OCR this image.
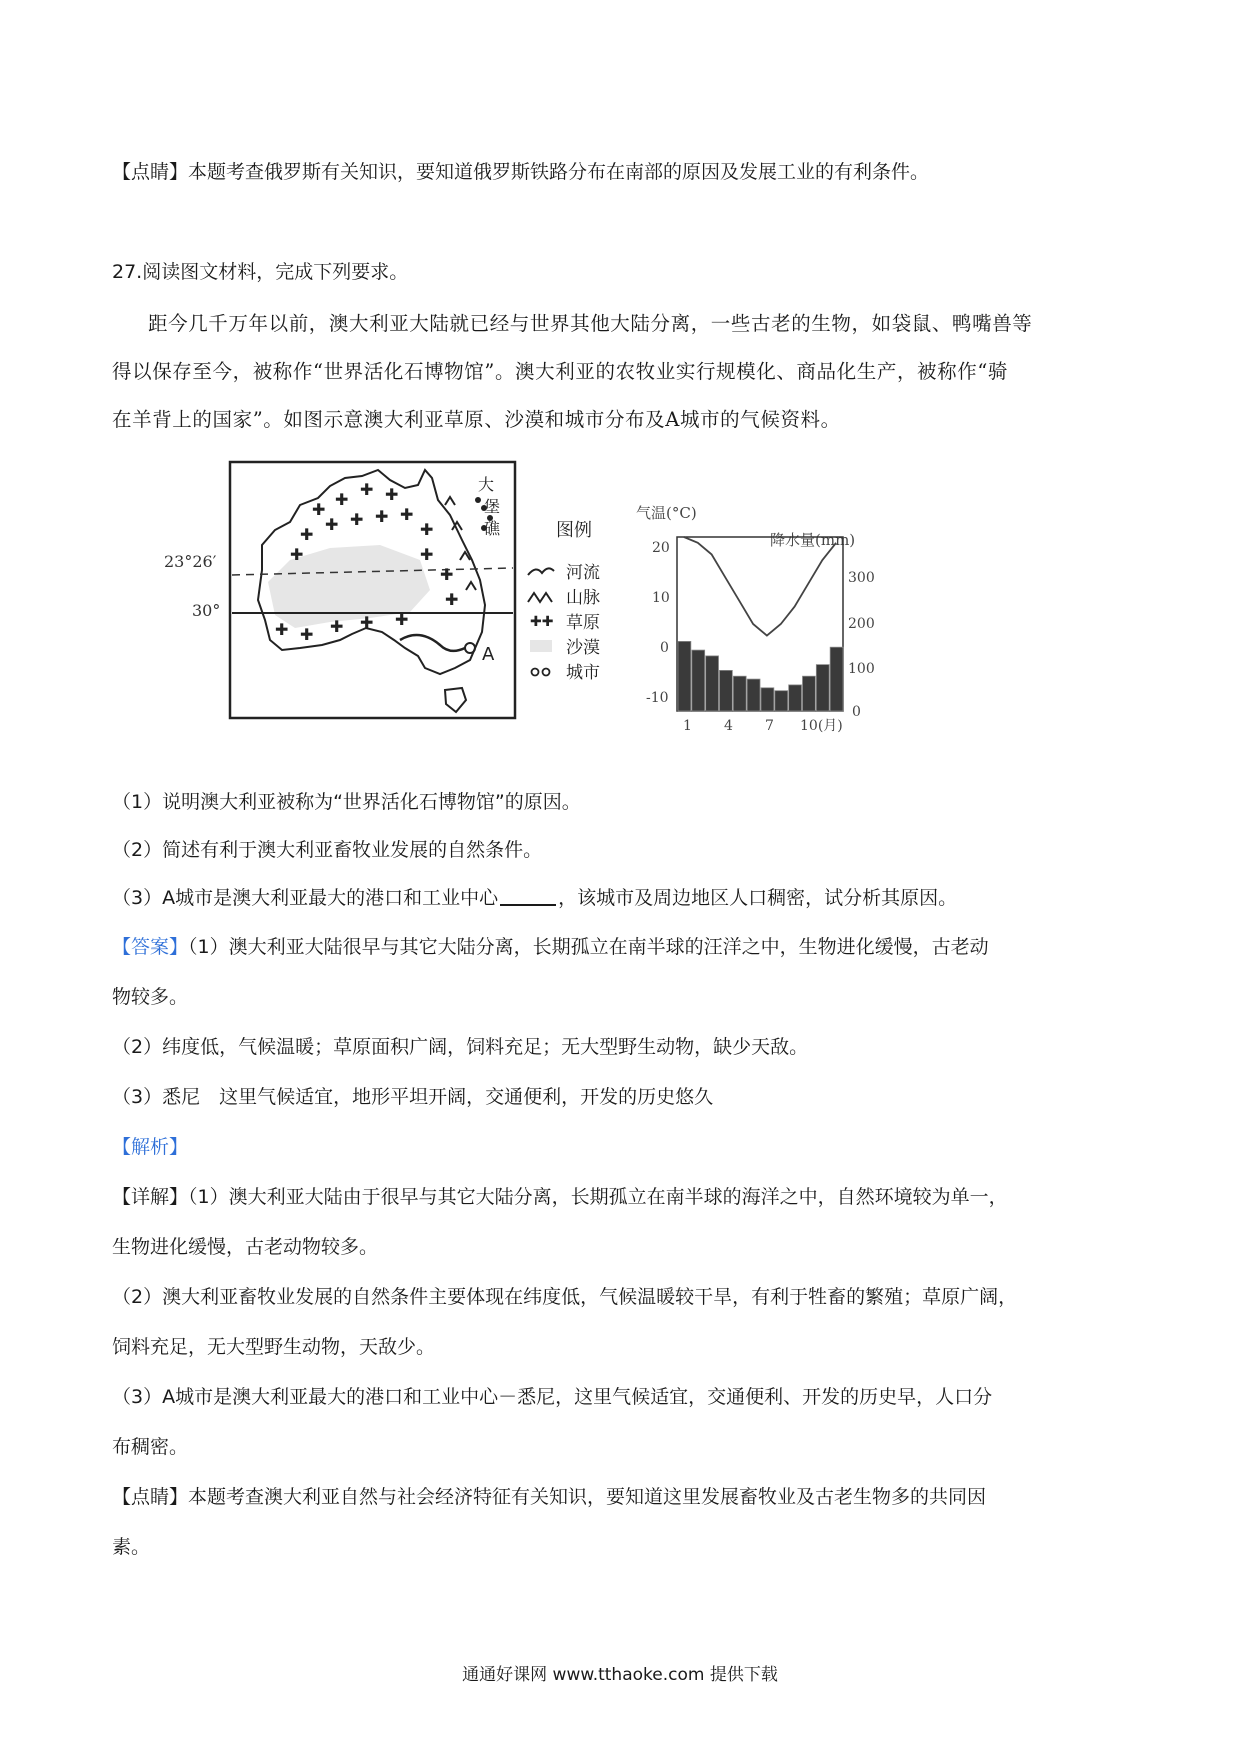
【点睛】本题考查俄罗斯有关知识，要知道俄罗斯铁路分布在南部的原因及发展工业的有利条件。
27.阅读图文材料，完成下列要求。
距今几千万年以前，澳大利亚大陆就已经与世界其他大陆分离，一些古老的生物，如袋鼠、鸭嘴兽等
得以保存至今，被称作“世界活化石博物馆”。澳大利亚的农牧业实行规模化、商品化生产，被称作“骑
在羊背上的国家”。如图示意澳大利亚草原、沙漠和城市分布及A城市的气候资料。
✚
✚
✚ ✚
✚
✚ ✚ ✚ ✚
✚
✚	✚
✚
✚
✚ ✚ ✚ ✚ ✚
A
大
堡
礁
23°26′
30°
图例
河流
山脉
✚✚ 草原
沙漠
城市
气温(°C)
降水量(mm)
20
10
0
-10
300
200
100
0
1 4 7 10(月)
（1）说明澳大利亚被称为“世界活化石博物馆”的原因。
（2）简述有利于澳大利亚畜牧业发展的自然条件。
（3）A城市是澳大利亚最大的港口和工业中心	，该城市及周边地区人口稠密，试分析其原因。
【答案】（1）澳大利亚大陆很早与其它大陆分离，长期孤立在南半球的汪洋之中，生物进化缓慢，古老动
物较多。
（2）纬度低，气候温暖；草原面积广阔，饲料充足；无大型野生动物，缺少天敌。
（3）悉尼　这里气候适宜，地形平坦开阔，交通便利，开发的历史悠久
【解析】
【详解】（1）澳大利亚大陆由于很早与其它大陆分离，长期孤立在南半球的海洋之中，自然环境较为单一，
生物进化缓慢，古老动物较多。
（2）澳大利亚畜牧业发展的自然条件主要体现在纬度低，气候温暖较干旱，有利于牲畜的繁殖；草原广阔，
饲料充足，无大型野生动物，天敌少。
（3）A城市是澳大利亚最大的港口和工业中心－悉尼，这里气候适宜，交通便利、开发的历史早，人口分
布稠密。
【点睛】本题考查澳大利亚自然与社会经济特征有关知识，要知道这里发展畜牧业及古老生物多的共同因
素。
通通好课网 www.tthaoke.com 提供下载
